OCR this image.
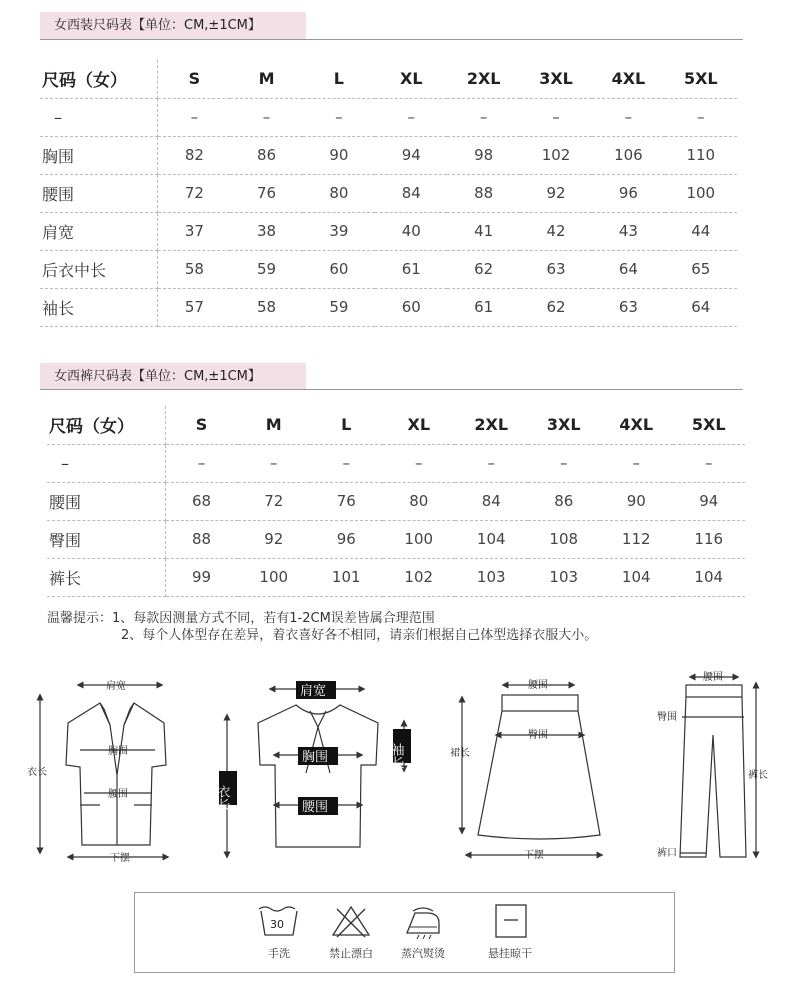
女西装尺码表【单位：CM,±1CM】
尺码（女）	S	M	L	XL	2XL	3XL	4XL	5XL
–	–	–	–	–	–	–	–	–
胸围	82	86	90	94	98	102	106	110
腰围	72	76	80	84	88	92	96	100
肩宽	37	38	39	40	41	42	43	44
后衣中长	58	59	60	61	62	63	64	65
袖长	57	58	59	60	61	62	63	64
女西裤尺码表【单位：CM,±1CM】
尺码（女）	S	M	L	XL	2XL	3XL	4XL	5XL
–	–	–	–	–	–	–	–	–
腰围	68	72	76	80	84	86	90	94
臀围	88	92	96	100	104	108	112	116
裤长	99	100	101	102	103	103	104	104
温馨提示：1、每款因测量方式不同，若有1-2CM误差皆属合理范围
2、每个人体型存在差异，着衣喜好各不相同，请亲们根据自己体型选择衣服大小。
肩宽
胸围
腰围
衣长
下摆
肩宽
胸围
腰围
衣长
袖长
腰围
臀围
裙长
下摆
腰围
臀围
裤长
裤口
30
手洗	禁止漂白	蒸汽熨烫	悬挂晾干
